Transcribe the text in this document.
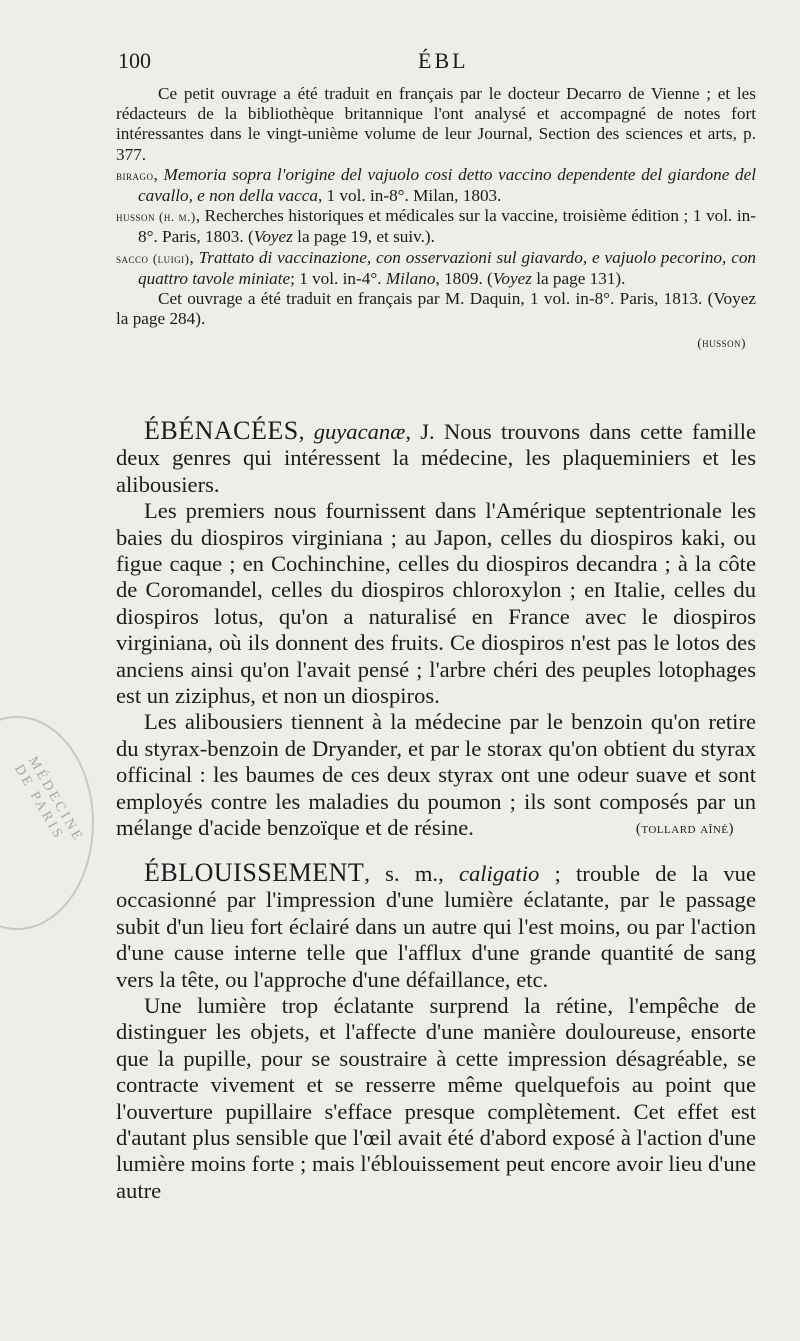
100	ÉBL

Ce petit ouvrage a été traduit en français par le docteur Decarro de Vienne ; et les rédacteurs de la bibliothèque britannique l'ont analysé et accompagné de notes fort intéressantes dans le vingt-unième volume de leur Journal, Section des sciences et arts, p. 377.

birago, Memoria sopra l'origine del vajuolo cosi detto vaccino dependente del giardone del cavallo, e non della vacca, 1 vol. in-8°. Milan, 1803.

husson (h. m.), Recherches historiques et médicales sur la vaccine, troisième édition ; 1 vol. in-8°. Paris, 1803. (Voyez la page 19, et suiv.).

sacco (luigi), Trattato di vaccinazione, con osservazioni sul giavardo, e vajuolo pecorino, con quattro tavole miniate; 1 vol. in-4°. Milano, 1809. (Voyez la page 131).

Cet ouvrage a été traduit en français par M. Daquin, 1 vol. in-8°. Paris, 1813. (Voyez la page 284).

(husson)

ÉBÉNACÉES, guyacanæ, J. Nous trouvons dans cette famille deux genres qui intéressent la médecine, les plaqueminiers et les alibousiers.

Les premiers nous fournissent dans l'Amérique septentrionale les baies du diospiros virginiana ; au Japon, celles du diospiros kaki, ou figue caque ; en Cochinchine, celles du diospiros decandra ; à la côte de Coromandel, celles du diospiros chloroxylon ; en Italie, celles du diospiros lotus, qu'on a naturalisé en France avec le diospiros virginiana, où ils donnent des fruits. Ce diospiros n'est pas le lotos des anciens ainsi qu'on l'avait pensé ; l'arbre chéri des peuples lotophages est un ziziphus, et non un diospiros.

Les alibousiers tiennent à la médecine par le benzoin qu'on retire du styrax-benzoin de Dryander, et par le storax qu'on obtient du styrax officinal : les baumes de ces deux styrax ont une odeur suave et sont employés contre les maladies du poumon ; ils sont composés par un mélange d'acide benzoïque et de résine.	(tollard aîné)

ÉBLOUISSEMENT, s. m., caligatio ; trouble de la vue occasionné par l'impression d'une lumière éclatante, par le passage subit d'un lieu fort éclairé dans un autre qui l'est moins, ou par l'action d'une cause interne telle que l'afflux d'une grande quantité de sang vers la tête, ou l'approche d'une défaillance, etc.

Une lumière trop éclatante surprend la rétine, l'empêche de distinguer les objets, et l'affecte d'une manière douloureuse, ensorte que la pupille, pour se soustraire à cette impression désagréable, se contracte vivement et se resserre même quelquefois au point que l'ouverture pupillaire s'efface presque complètement. Cet effet est d'autant plus sensible que l'œil avait été d'abord exposé à l'action d'une lumière moins forte ; mais l'éblouissement peut encore avoir lieu d'une autre

MÉDECINE DE PARIS
